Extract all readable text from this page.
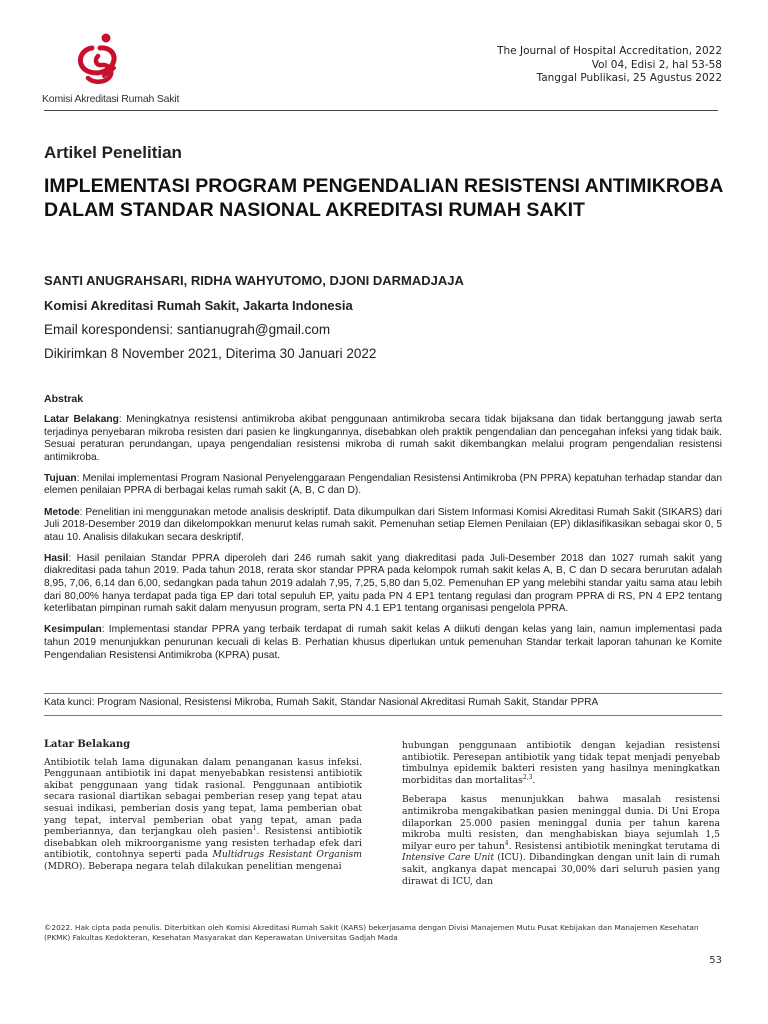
Komisi Akreditasi Rumah Sakit
The Journal of Hospital Accreditation, 2022
Vol 04, Edisi 2, hal 53-58
Tanggal Publikasi, 25 Agustus 2022
Artikel Penelitian
IMPLEMENTASI PROGRAM PENGENDALIAN RESISTENSI ANTIMIKROBA DALAM STANDAR NASIONAL AKREDITASI RUMAH SAKIT
SANTI ANUGRAHSARI, RIDHA WAHYUTOMO, DJONI DARMADJAJA
Komisi Akreditasi Rumah Sakit, Jakarta Indonesia
Email korespondensi: santianugrah@gmail.com
Dikirimkan 8 November 2021, Diterima 30 Januari 2022
Abstrak

Latar Belakang: Meningkatnya resistensi antimikroba akibat penggunaan antimikroba secara tidak bijaksana dan tidak bertanggung jawab serta terjadinya penyebaran mikroba resisten dari pasien ke lingkungannya, disebabkan oleh praktik pengendalian dan pencegahan infeksi yang tidak baik. Sesuai peraturan perundangan, upaya pengendalian resistensi mikroba di rumah sakit dikembangkan melalui program pengendalian resistensi antimikroba.

Tujuan: Menilai implementasi Program Nasional Penyelenggaraan Pengendalian Resistensi Antimikroba (PN PPRA) kepatuhan terhadap standar dan elemen penilaian PPRA di berbagai kelas rumah sakit (A, B, C dan D).

Metode: Penelitian ini menggunakan metode analisis deskriptif. Data dikumpulkan dari Sistem Informasi Komisi Akreditasi Rumah Sakit (SIKARS) dari Juli 2018-Desember 2019 dan dikelompokkan menurut kelas rumah sakit. Pemenuhan setiap Elemen Penilaian (EP) diklasifikasikan sebagai skor 0, 5 atau 10. Analisis dilakukan secara deskriptif.

Hasil: Hasil penilaian Standar PPRA diperoleh dari 246 rumah sakit yang diakreditasi pada Juli-Desember 2018 dan 1027 rumah sakit yang diakreditasi pada tahun 2019. Pada tahun 2018, rerata skor standar PPRA pada kelompok rumah sakit kelas A, B, C dan D secara berurutan adalah 8,95, 7,06, 6,14 dan 6,00, sedangkan pada tahun 2019 adalah 7,95, 7,25, 5,80 dan 5,02. Pemenuhan EP yang melebihi standar yaitu sama atau lebih dari 80,00% hanya terdapat pada tiga EP dari total sepuluh EP, yaitu pada PN 4 EP1 tentang regulasi dan program PPRA di RS, PN 4 EP2 tentang keterlibatan pimpinan rumah sakit dalam menyusun program, serta PN 4.1 EP1 tentang organisasi pengelola PPRA.

Kesimpulan: Implementasi standar PPRA yang terbaik terdapat di rumah sakit kelas A diikuti dengan kelas yang lain, namun implementasi pada tahun 2019 menunjukkan penurunan kecuali di kelas B. Perhatian khusus diperlukan untuk pemenuhan Standar terkait laporan tahunan ke Komite Pengendalian Resistensi Antimikroba (KPRA) pusat.

Kata kunci: Program Nasional, Resistensi Mikroba, Rumah Sakit, Standar Nasional Akreditasi Rumah Sakit, Standar PPRA
Latar Belakang

Antibiotik telah lama digunakan dalam penanganan kasus infeksi. Penggunaan antibiotik ini dapat menyebabkan resistensi antibiotik akibat penggunaan yang tidak rasional. Penggunaan antibiotik secara rasional diartikan sebagai pemberian resep yang tepat atau sesuai indikasi, pemberian dosis yang tepat, lama pemberian obat yang tepat, interval pemberian obat yang tepat, aman pada pemberiannya, dan terjangkau oleh pasien$^1$. Resistensi antibiotik disebabkan oleh mikroorganisme yang resisten terhadap efek dari antibiotik, contohnya seperti pada Multidrugs Resistant Organism (MDRO). Beberapa negara telah dilakukan penelitian mengenai

hubungan penggunaan antibiotik dengan kejadian resistensi antibiotik. Peresepan antibiotik yang tidak tepat menjadi penyebab timbulnya epidemik bakteri resisten yang hasilnya meningkatkan morbiditas dan mortalitas$^{2,3}$.

Beberapa kasus menunjukkan bahwa masalah resistensi antimikroba mengakibatkan pasien meninggal dunia. Di Uni Eropa dilaporkan 25.000 pasien meninggal dunia per tahun karena mikroba multi resisten, dan menghabiskan biaya sejumlah 1,5 milyar euro per tahun$^4$. Resistensi antibiotik meningkat terutama di Intensive Care Unit (ICU). Dibandingkan dengan unit lain di rumah sakit, angkanya dapat mencapai 30,00% dari seluruh pasien yang dirawat di ICU, dan

©2022. Hak cipta pada penulis. Diterbitkan oleh Komisi Akreditasi Rumah Sakit (KARS) bekerjasama dengan Divisi Manajemen Mutu Pusat Kebijakan dan Manajemen Kesehatan (PKMK) Fakultas Kedokteran, Kesehatan Masyarakat dan Keperawatan Universitas Gadjah Mada
53
